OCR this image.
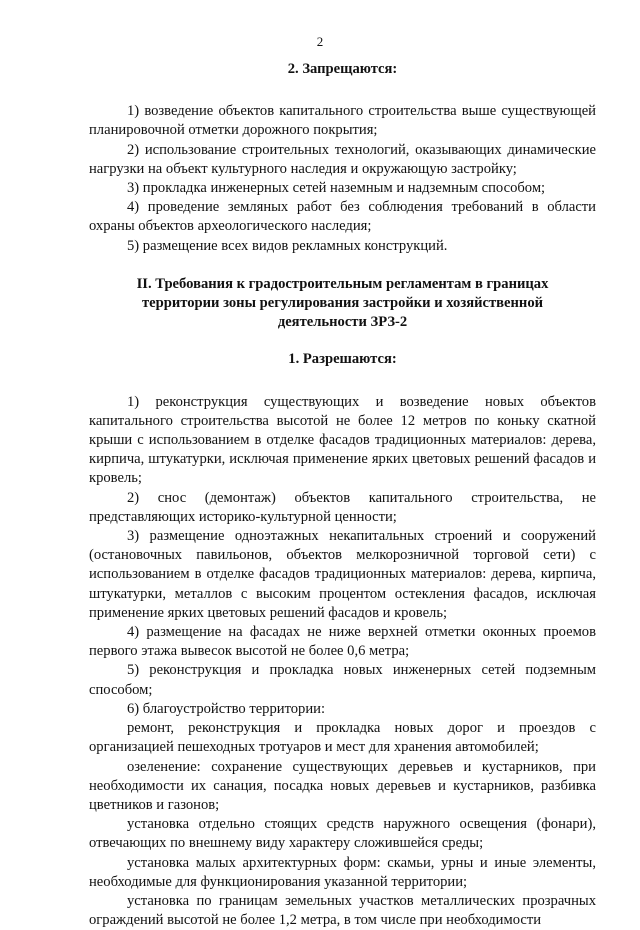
2

2. Запрещаются:

1) возведение объектов капитального строительства выше существующей планировочной отметки дорожного покрытия;

2) использование строительных технологий, оказывающих динамические нагрузки на объект культурного наследия и окружающую застройку;

3) прокладка инженерных сетей наземным и надземным способом;

4) проведение земляных работ без соблюдения требований в области охраны объектов археологического наследия;

5) размещение всех видов рекламных конструкций.

II. Требования к градостроительным регламентам в границах

территории зоны регулирования застройки и хозяйственной

деятельности ЗРЗ-2

1. Разрешаются:

1) реконструкция существующих и возведение новых объектов капитального строительства высотой не более 12 метров по коньку скатной крыши с использованием в отделке фасадов традиционных материалов: дерева, кирпича, штукатурки, исключая применение ярких цветовых решений фасадов и кровель;

2) снос (демонтаж) объектов капитального строительства, не представляющих историко-культурной ценности;

3) размещение одноэтажных некапитальных строений и сооружений (остановочных павильонов, объектов мелкорозничной торговой сети) с использованием в отделке фасадов традиционных материалов: дерева, кирпича, штукатурки, металлов с высоким процентом остекления фасадов, исключая применение ярких цветовых решений фасадов и кровель;

4) размещение на фасадах не ниже верхней отметки оконных проемов первого этажа вывесок высотой не более 0,6 метра;

5) реконструкция и прокладка новых инженерных сетей подземным способом;

6) благоустройство территории:

ремонт, реконструкция и прокладка новых дорог и проездов с организацией пешеходных тротуаров и мест для хранения автомобилей;

озеленение: сохранение существующих деревьев и кустарников, при необходимости их санация, посадка новых деревьев и кустарников, разбивка цветников и газонов;

установка отдельно стоящих средств наружного освещения (фонари), отвечающих по внешнему виду характеру сложившейся среды;

установка малых архитектурных форм: скамьи, урны и иные элементы, необходимые для функционирования указанной территории;

установка по границам земельных участков металлических прозрачных ограждений высотой не более 1,2 метра, в том числе при необходимости
